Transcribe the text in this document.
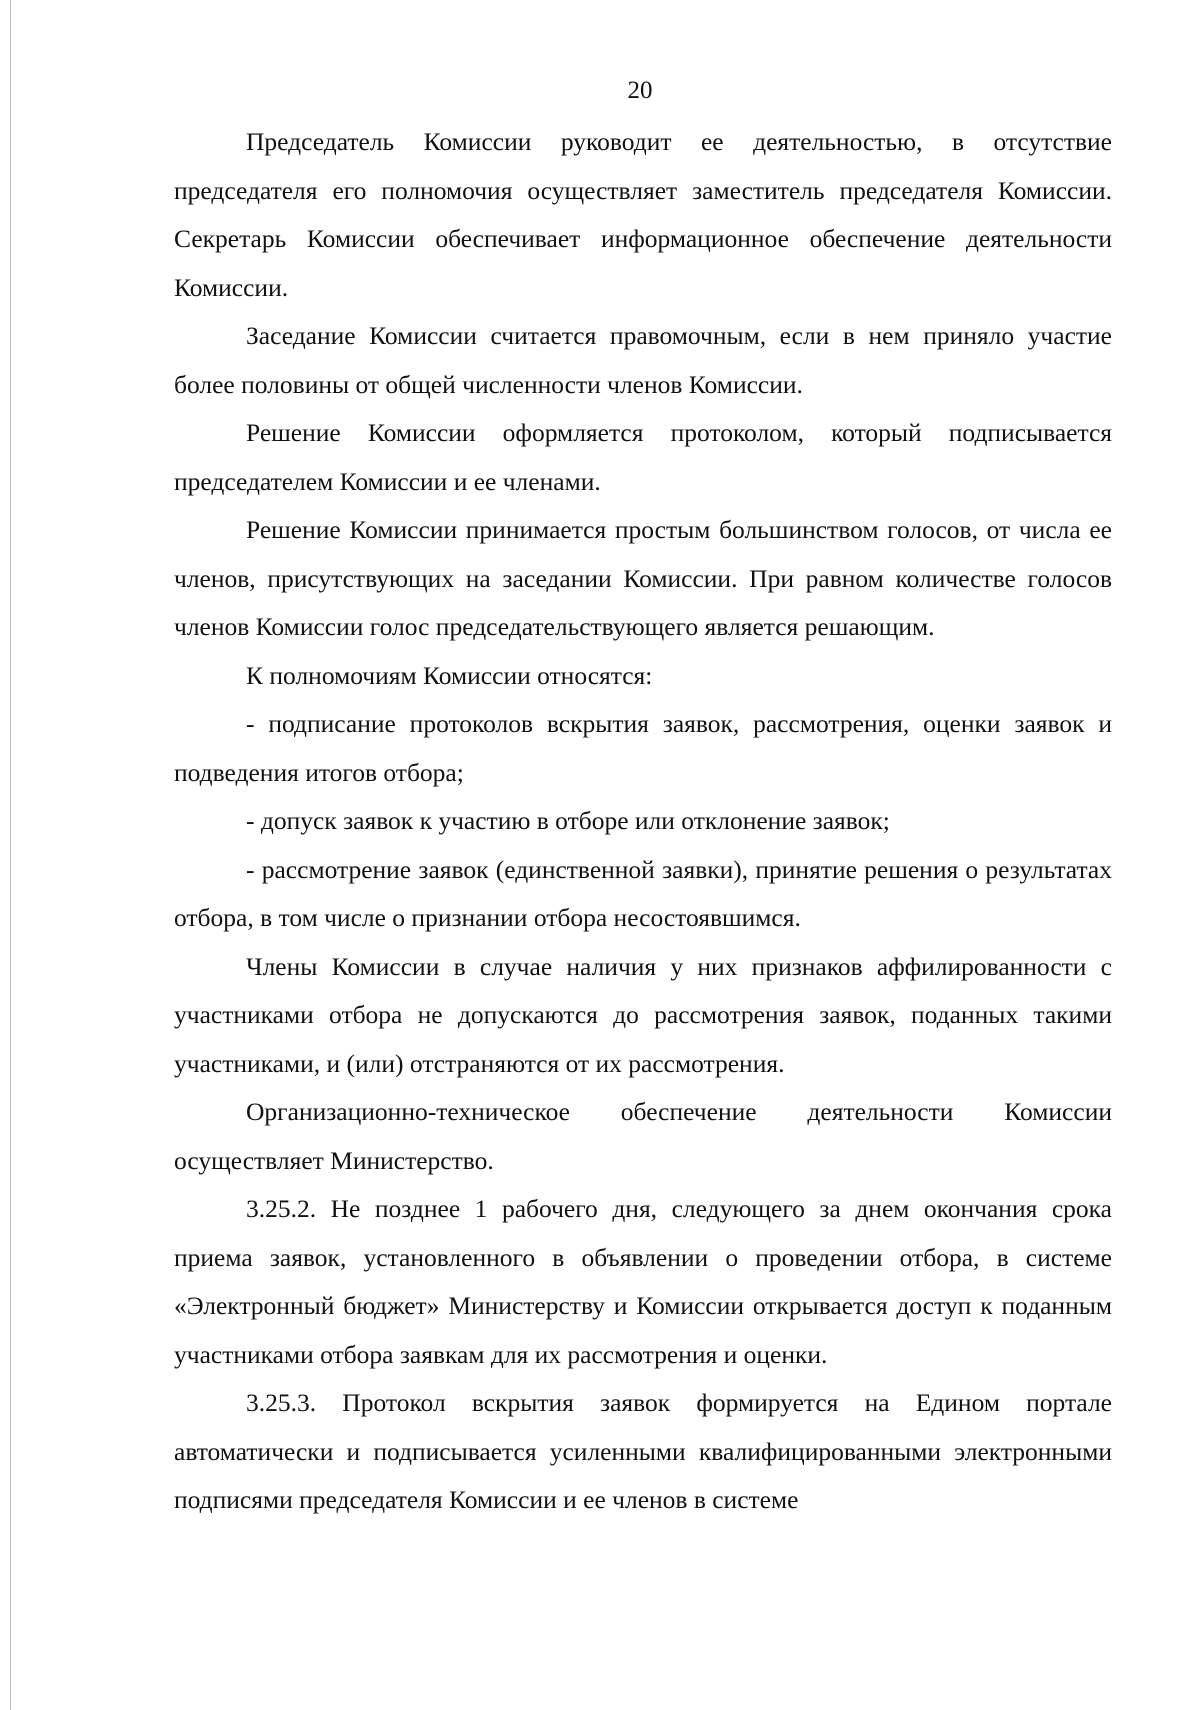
20

Председатель Комиссии руководит ее деятельностью, в отсутствие председателя его полномочия осуществляет заместитель председателя Комиссии. Секретарь Комиссии обеспечивает информационное обеспечение деятельности Комиссии.

Заседание Комиссии считается правомочным, если в нем приняло участие более половины от общей численности членов Комиссии.

Решение Комиссии оформляется протоколом, который подписывается председателем Комиссии и ее членами.

Решение Комиссии принимается простым большинством голосов, от числа ее членов, присутствующих на заседании Комиссии. При равном количестве голосов членов Комиссии голос председательствующего является решающим.

К полномочиям Комиссии относятся:

- подписание протоколов вскрытия заявок, рассмотрения, оценки заявок и подведения итогов отбора;

- допуск заявок к участию в отборе или отклонение заявок;

- рассмотрение заявок (единственной заявки), принятие решения о результатах отбора, в том числе о признании отбора несостоявшимся.

Члены Комиссии в случае наличия у них признаков аффилированности с участниками отбора не допускаются до рассмотрения заявок, поданных такими участниками, и (или) отстраняются от их рассмотрения.

Организационно-техническое обеспечение деятельности Комиссии осуществляет Министерство.

3.25.2. Не позднее 1 рабочего дня, следующего за днем окончания срока приема заявок, установленного в объявлении о проведении отбора, в системе «Электронный бюджет» Министерству и Комиссии открывается доступ к поданным участниками отбора заявкам для их рассмотрения и оценки.

3.25.3. Протокол вскрытия заявок формируется на Едином портале автоматически и подписывается усиленными квалифицированными электронными подписями председателя Комиссии и ее членов в системе
